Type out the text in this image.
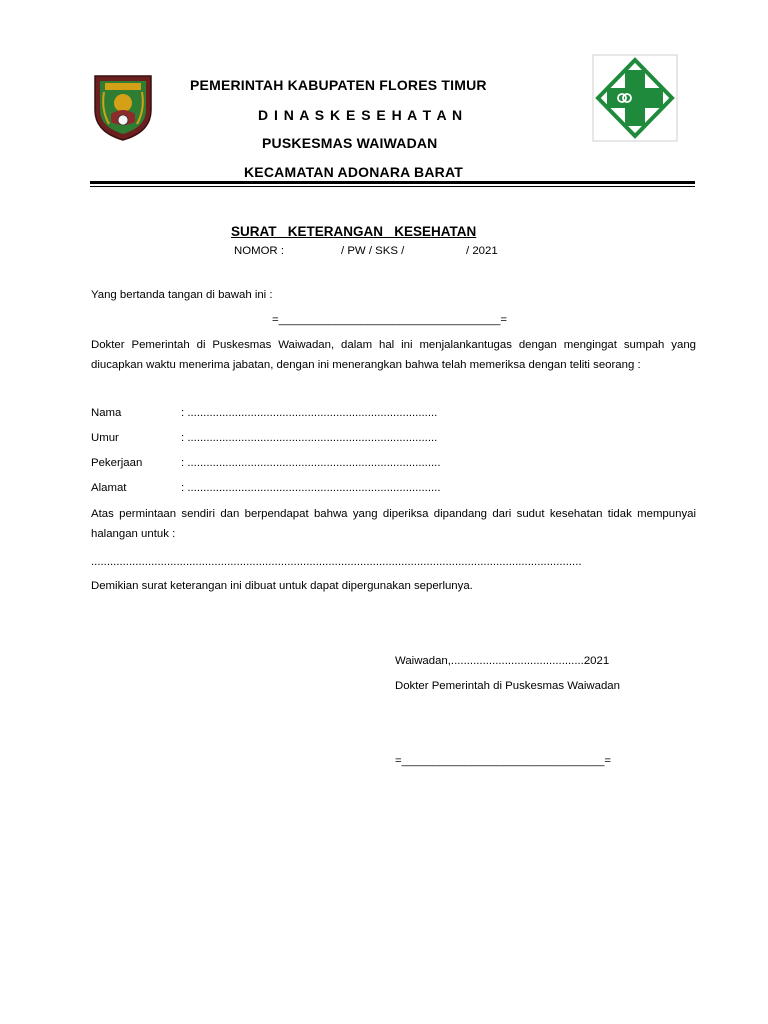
PEMERINTAH KABUPATEN FLORES TIMUR
D I N A S K E S E H A T A N
PUSKESMAS WAIWADAN
KECAMATAN ADONARA BARAT
SURAT   KETERANGAN   KESEHATAN
NOMOR :	/ PW / SKS /	/ 2021
Yang bertanda tangan di bawah ini :
=___________________________________=
Dokter Pemerintah di Puskesmas Waiwadan, dalam hal ini menjalankantugas dengan mengingat sumpah yang diucapkan waktu menerima jabatan, dengan ini menerangkan bahwa telah memeriksa dengan teliti seorang :
Nama	: ...............................................................................
Umur	: ...............................................................................
Pekerjaan	: ................................................................................
Alamat	: ................................................................................
Atas permintaan sendiri dan berpendapat bahwa yang diperiksa dipandang dari sudut kesehatan tidak mempunyai halangan untuk :
...........................................................................................................................................................
Demikian surat keterangan ini dibuat untuk dapat dipergunakan seperlunya.
Waiwadan,..........................................2021
Dokter Pemerintah di Puskesmas Waiwadan
=________________________________=
